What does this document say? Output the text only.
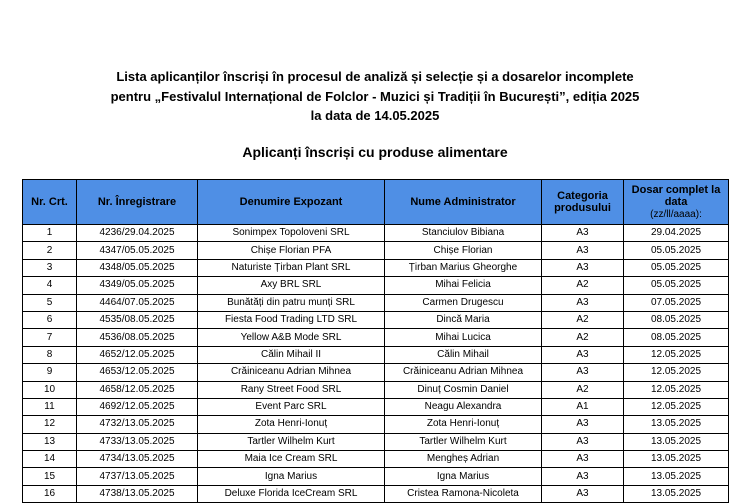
Lista aplicanților înscriși în procesul de analiză și selecție și a dosarelor incomplete
pentru „Festivalul Internațional de Folclor - Muzici și Tradiții în București”, ediția 2025
la data de 14.05.2025
Aplicanți înscriși cu produse alimentare
Nr. Crt.	Nr. Înregistrare	Denumire Expozant	Nume Administrator	Categoria produsului	Dosar complet la data
(zz/ll/aaaa):
1	4236/29.04.2025	Sonimpex Topoloveni SRL	Stanciulov Bibiana	A3	29.04.2025
2	4347/05.05.2025	Chișe Florian PFA	Chișe Florian	A3	05.05.2025
3	4348/05.05.2025	Naturiste Țirban Plant SRL	Țirban Marius Gheorghe	A3	05.05.2025
4	4349/05.05.2025	Axy BRL SRL	Mihai Felicia	A2	05.05.2025
5	4464/07.05.2025	Bunătăți din patru munți SRL	Carmen Drugescu	A3	07.05.2025
6	4535/08.05.2025	Fiesta Food Trading LTD SRL	Dincă Maria	A2	08.05.2025
7	4536/08.05.2025	Yellow A&B Mode SRL	Mihai Lucica	A2	08.05.2025
8	4652/12.05.2025	Călin Mihail II	Călin Mihail	A3	12.05.2025
9	4653/12.05.2025	Crăiniceanu Adrian Mihnea	Crăiniceanu Adrian Mihnea	A3	12.05.2025
10	4658/12.05.2025	Rany Street Food SRL	Dinuț Cosmin Daniel	A2	12.05.2025
11	4692/12.05.2025	Event Parc SRL	Neagu Alexandra	A1	12.05.2025
12	4732/13.05.2025	Zota Henri-Ionuț	Zota Henri-Ionuț	A3	13.05.2025
13	4733/13.05.2025	Tartler Wilhelm Kurt	Tartler Wilhelm Kurt	A3	13.05.2025
14	4734/13.05.2025	Maia Ice Cream SRL	Mengheș Adrian	A3	13.05.2025
15	4737/13.05.2025	Igna Marius	Igna Marius	A3	13.05.2025
16	4738/13.05.2025	Deluxe Florida IceCream SRL	Cristea Ramona-Nicoleta	A3	13.05.2025
